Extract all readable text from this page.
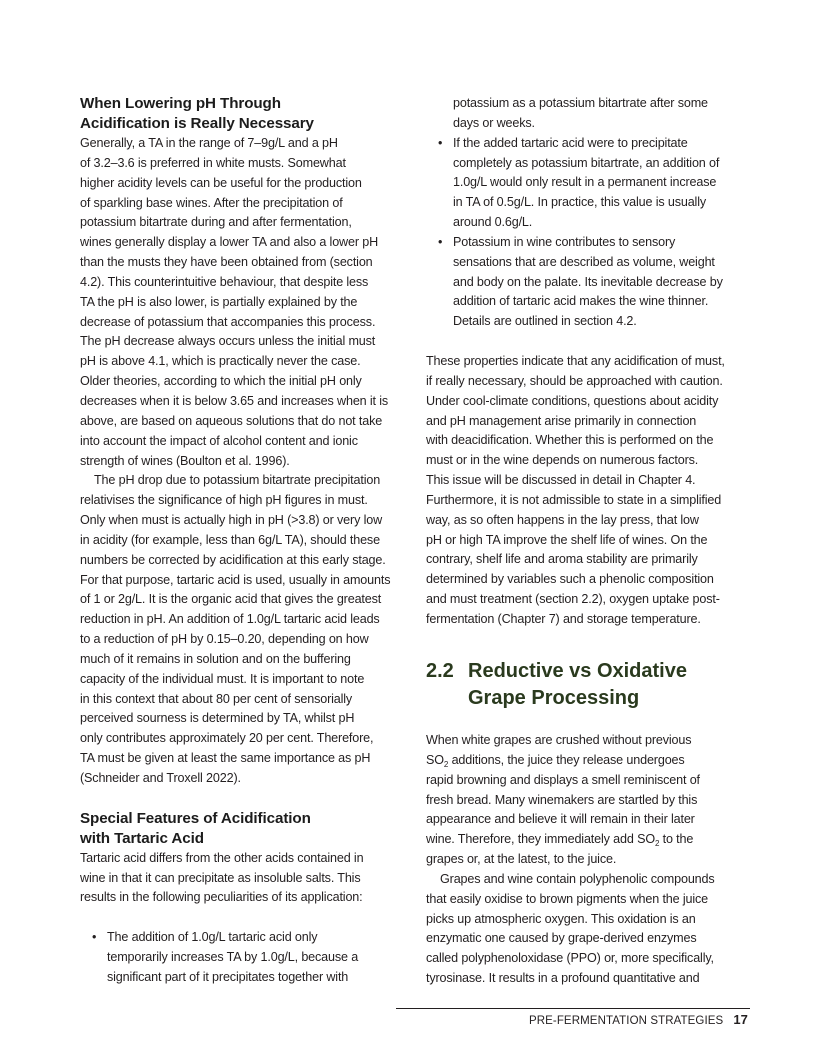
When Lowering pH Through
Acidification is Really Necessary
Generally, a TA in the range of 7–9g/L and a pH
of 3.2–3.6 is preferred in white musts. Somewhat
higher acidity levels can be useful for the production
of sparkling base wines. After the precipitation of
potassium bitartrate during and after fermentation,
wines generally display a lower TA and also a lower pH
than the musts they have been obtained from (section
4.2). This counterintuitive behaviour, that despite less
TA the pH is also lower, is partially explained by the
decrease of potassium that accompanies this process.
The pH decrease always occurs unless the initial must
pH is above 4.1, which is practically never the case.
Older theories, according to which the initial pH only
decreases when it is below 3.65 and increases when it is
above, are based on aqueous solutions that do not take
into account the impact of alcohol content and ionic
strength of wines (Boulton et al. 1996).
The pH drop due to potassium bitartrate precipitation
relativises the significance of high pH figures in must.
Only when must is actually high in pH (>3.8) or very low
in acidity (for example, less than 6g/L TA), should these
numbers be corrected by acidification at this early stage.
For that purpose, tartaric acid is used, usually in amounts
of 1 or 2g/L. It is the organic acid that gives the greatest
reduction in pH. An addition of 1.0g/L tartaric acid leads
to a reduction of pH by 0.15–0.20, depending on how
much of it remains in solution and on the buffering
capacity of the individual must. It is important to note
in this context that about 80 per cent of sensorially
perceived sourness is determined by TA, whilst pH
only contributes approximately 20 per cent. Therefore,
TA must be given at least the same importance as pH
(Schneider and Troxell 2022).
Special Features of Acidification
with Tartaric Acid
Tartaric acid differs from the other acids contained in
wine in that it can precipitate as insoluble salts. This
results in the following peculiarities of its application:
• The addition of 1.0g/L tartaric acid only
temporarily increases TA by 1.0g/L, because a
significant part of it precipitates together with
potassium as a potassium bitartrate after some
days or weeks.
• If the added tartaric acid were to precipitate
completely as potassium bitartrate, an addition of
1.0g/L would only result in a permanent increase
in TA of 0.5g/L. In practice, this value is usually
around 0.6g/L.
• Potassium in wine contributes to sensory
sensations that are described as volume, weight
and body on the palate. Its inevitable decrease by
addition of tartaric acid makes the wine thinner.
Details are outlined in section 4.2.
These properties indicate that any acidification of must,
if really necessary, should be approached with caution.
Under cool-climate conditions, questions about acidity
and pH management arise primarily in connection
with deacidification. Whether this is performed on the
must or in the wine depends on numerous factors.
This issue will be discussed in detail in Chapter 4.
Furthermore, it is not admissible to state in a simplified
way, as so often happens in the lay press, that low
pH or high TA improve the shelf life of wines. On the
contrary, shelf life and aroma stability are primarily
determined by variables such a phenolic composition
and must treatment (section 2.2), oxygen uptake post-
fermentation (Chapter 7) and storage temperature.
2.2 Reductive vs Oxidative
Grape Processing
When white grapes are crushed without previous
$SO_2$ additions, the juice they release undergoes
rapid browning and displays a smell reminiscent of
fresh bread. Many winemakers are startled by this
appearance and believe it will remain in their later
wine. Therefore, they immediately add $SO_2$ to the
grapes or, at the latest, to the juice.
Grapes and wine contain polyphenolic compounds
that easily oxidise to brown pigments when the juice
picks up atmospheric oxygen. This oxidation is an
enzymatic one caused by grape-derived enzymes
called polyphenoloxidase (PPO) or, more specifically,
tyrosinase. It results in a profound quantitative and
PRE-FERMENTATION STRATEGIES 17
